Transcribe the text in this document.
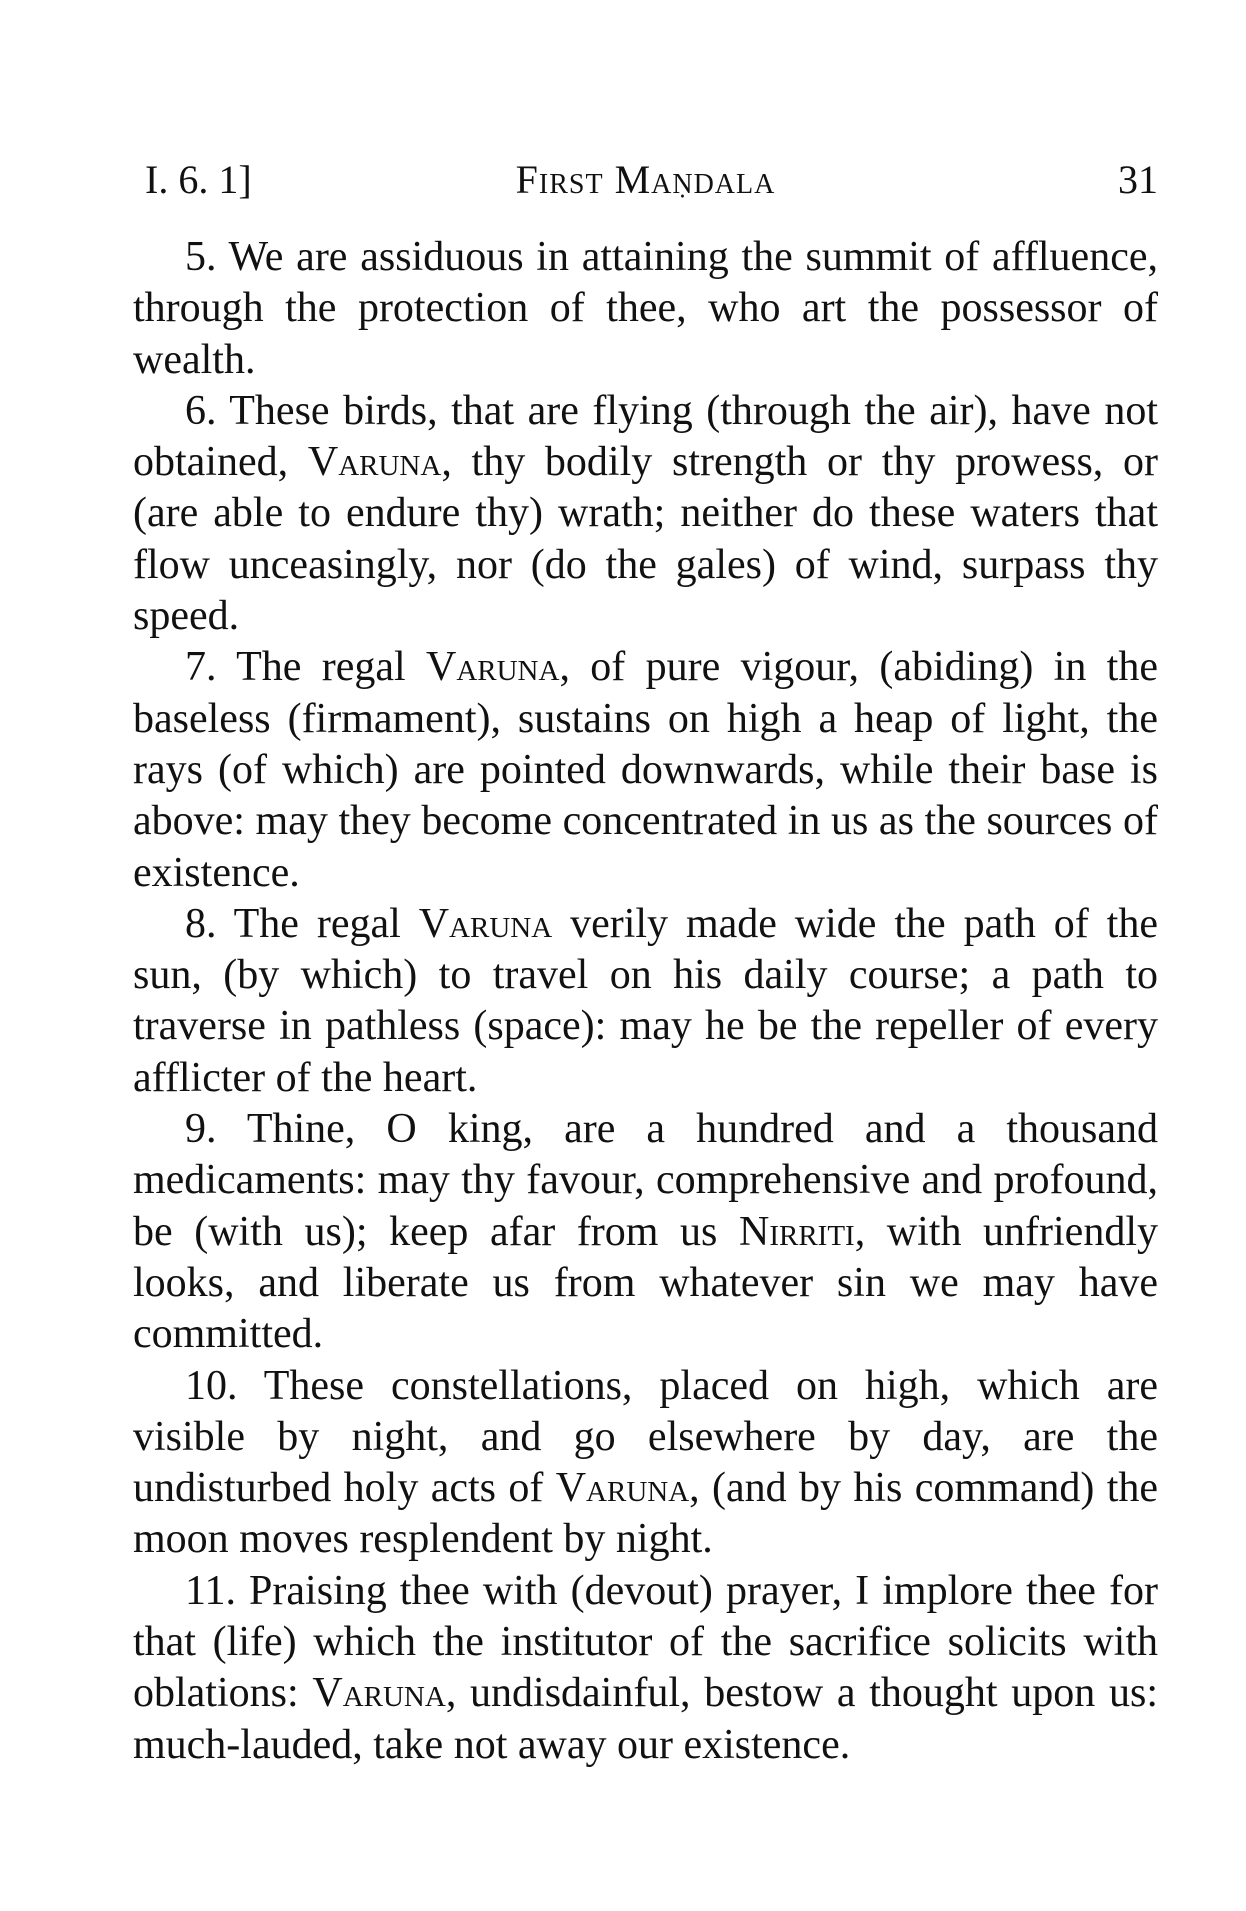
I. 6. 1]	First Maṇdala	31

5. We are assiduous in attaining the summit of affluence, through the protection of thee, who art the possessor of wealth.

6. These birds, that are flying (through the air), have not obtained, Varuna, thy bodily strength or thy prowess, or (are able to endure thy) wrath; neither do these waters that flow unceasingly, nor (do the gales) of wind, surpass thy speed.

7. The regal Varuna, of pure vigour, (abiding) in the baseless (firmament), sustains on high a heap of light, the rays (of which) are pointed downwards, while their base is above: may they become concentrated in us as the sources of existence.

8. The regal Varuna verily made wide the path of the sun, (by which) to travel on his daily course; a path to traverse in pathless (space): may he be the repeller of every afflicter of the heart.

9. Thine, O king, are a hundred and a thousand medicaments: may thy favour, comprehensive and profound, be (with us); keep afar from us Nirriti, with unfriendly looks, and liberate us from whatever sin we may have committed.

10. These constellations, placed on high, which are visible by night, and go elsewhere by day, are the undisturbed holy acts of Varuna, (and by his command) the moon moves resplendent by night.

11. Praising thee with (devout) prayer, I implore thee for that (life) which the institutor of the sacrifice solicits with oblations: Varuna, undisdainful, bestow a thought upon us: much-lauded, take not away our existence.
